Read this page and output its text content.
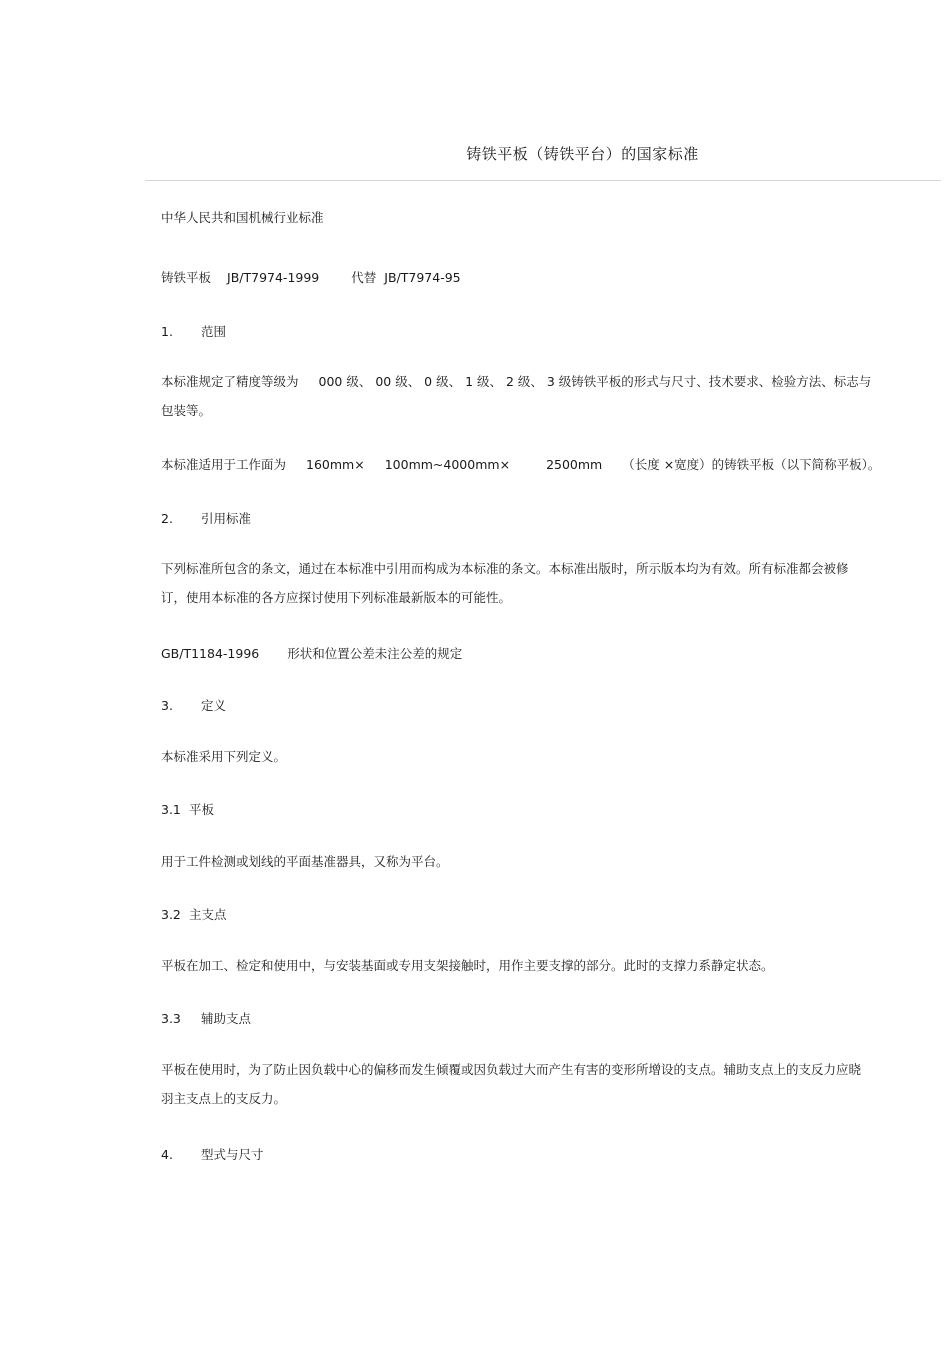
铸铁平板（铸铁平台）的国家标准
中华人民共和国机械行业标准
铸铁平板 JB/T7974-1999	代替 JB/T7974-95
1. 范围
本标准规定了精度等级为 000 级、 00 级、 0 级、 1 级、 2 级、 3 级铸铁平板的形式与尺寸、技术要求、检验方法、标志与
包装等。
本标准适用于工作面为 160mm× 100mm~4000mm×	2500mm （长度 ×宽度）的铸铁平板（以下简称平板）。
2. 引用标准
下列标准所包含的条文，通过在本标准中引用而构成为本标准的条文。本标准出版时，所示版本均为有效。所有标准都会被修订，使用本标准的各方应探讨使用下列标准最新版本的可能性。
GB/T1184-1996 形状和位置公差未注公差的规定
3. 定义
本标准采用下列定义。
3.1 平板
用于工件检测或划线的平面基准器具，又称为平台。
3.2 主支点
平板在加工、检定和使用中，与安装基面或专用支架接触时，用作主要支撑的部分。此时的支撑力系静定状态。
3.3 辅助支点
平板在使用时，为了防止因负载中心的偏移而发生倾覆或因负载过大而产生有害的变形所增设的支点。辅助支点上的支反力应晓羽主支点上的支反力。
4. 型式与尺寸
